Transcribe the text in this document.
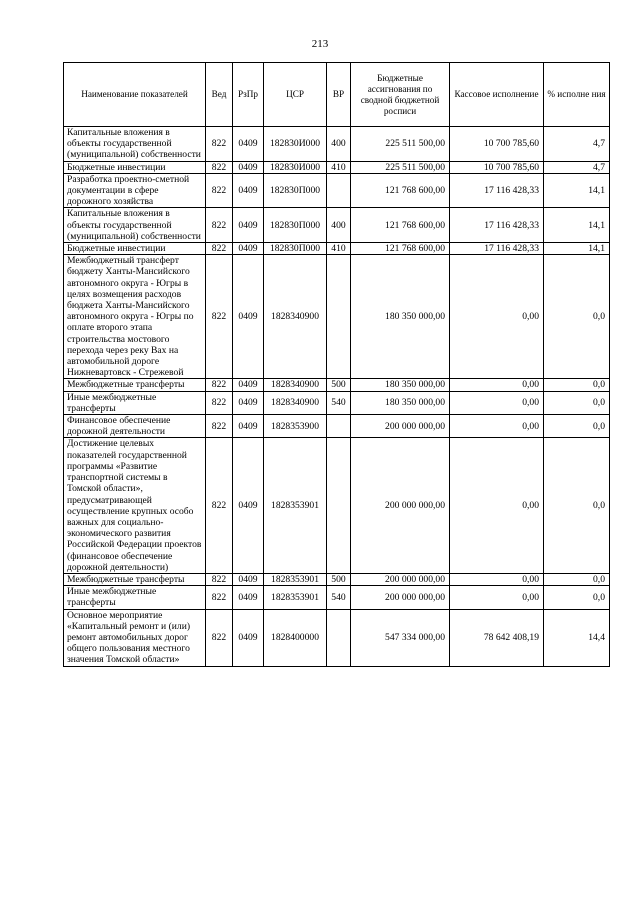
213
Наименование показателей	Вед	РзПр	ЦСР	ВР	Бюджетные ассигнования по сводной бюджетной росписи	Кассовое исполнение	% исполне ния
Капитальные вложения в объекты государственной (муниципальной) собственности	822	0409	182830И000	400	225 511 500,00	10 700 785,60	4,7
Бюджетные инвестиции	822	0409	182830И000	410	225 511 500,00	10 700 785,60	4,7
Разработка проектно-сметной документации в сфере дорожного хозяйства	822	0409	182830П000		121 768 600,00	17 116 428,33	14,1
Капитальные вложения в объекты государственной (муниципальной) собственности	822	0409	182830П000	400	121 768 600,00	17 116 428,33	14,1
Бюджетные инвестиции	822	0409	182830П000	410	121 768 600,00	17 116 428,33	14,1
Межбюджетный трансферт бюджету Ханты-Мансийского автономного округа - Югры в целях возмещения расходов бюджета Ханты-Мансийского автономного округа - Югры по оплате второго этапа строительства мостового перехода через реку Вах на автомобильной дороге Нижневартовск - Стрежевой	822	0409	1828340900		180 350 000,00	0,00	0,0
Межбюджетные трансферты	822	0409	1828340900	500	180 350 000,00	0,00	0,0
Иные межбюджетные трансферты	822	0409	1828340900	540	180 350 000,00	0,00	0,0
Финансовое обеспечение дорожной деятельности	822	0409	1828353900		200 000 000,00	0,00	0,0
Достижение целевых показателей государственной программы «Развитие транспортной системы в Томской области», предусматривающей осуществление крупных особо важных для социально-экономического развития Российской Федерации проектов (финансовое обеспечение дорожной деятельности)	822	0409	1828353901		200 000 000,00	0,00	0,0
Межбюджетные трансферты	822	0409	1828353901	500	200 000 000,00	0,00	0,0
Иные межбюджетные трансферты	822	0409	1828353901	540	200 000 000,00	0,00	0,0
Основное мероприятие «Капитальный ремонт и (или) ремонт автомобильных дорог общего пользования местного значения Томской области»	822	0409	1828400000		547 334 000,00	78 642 408,19	14,4
